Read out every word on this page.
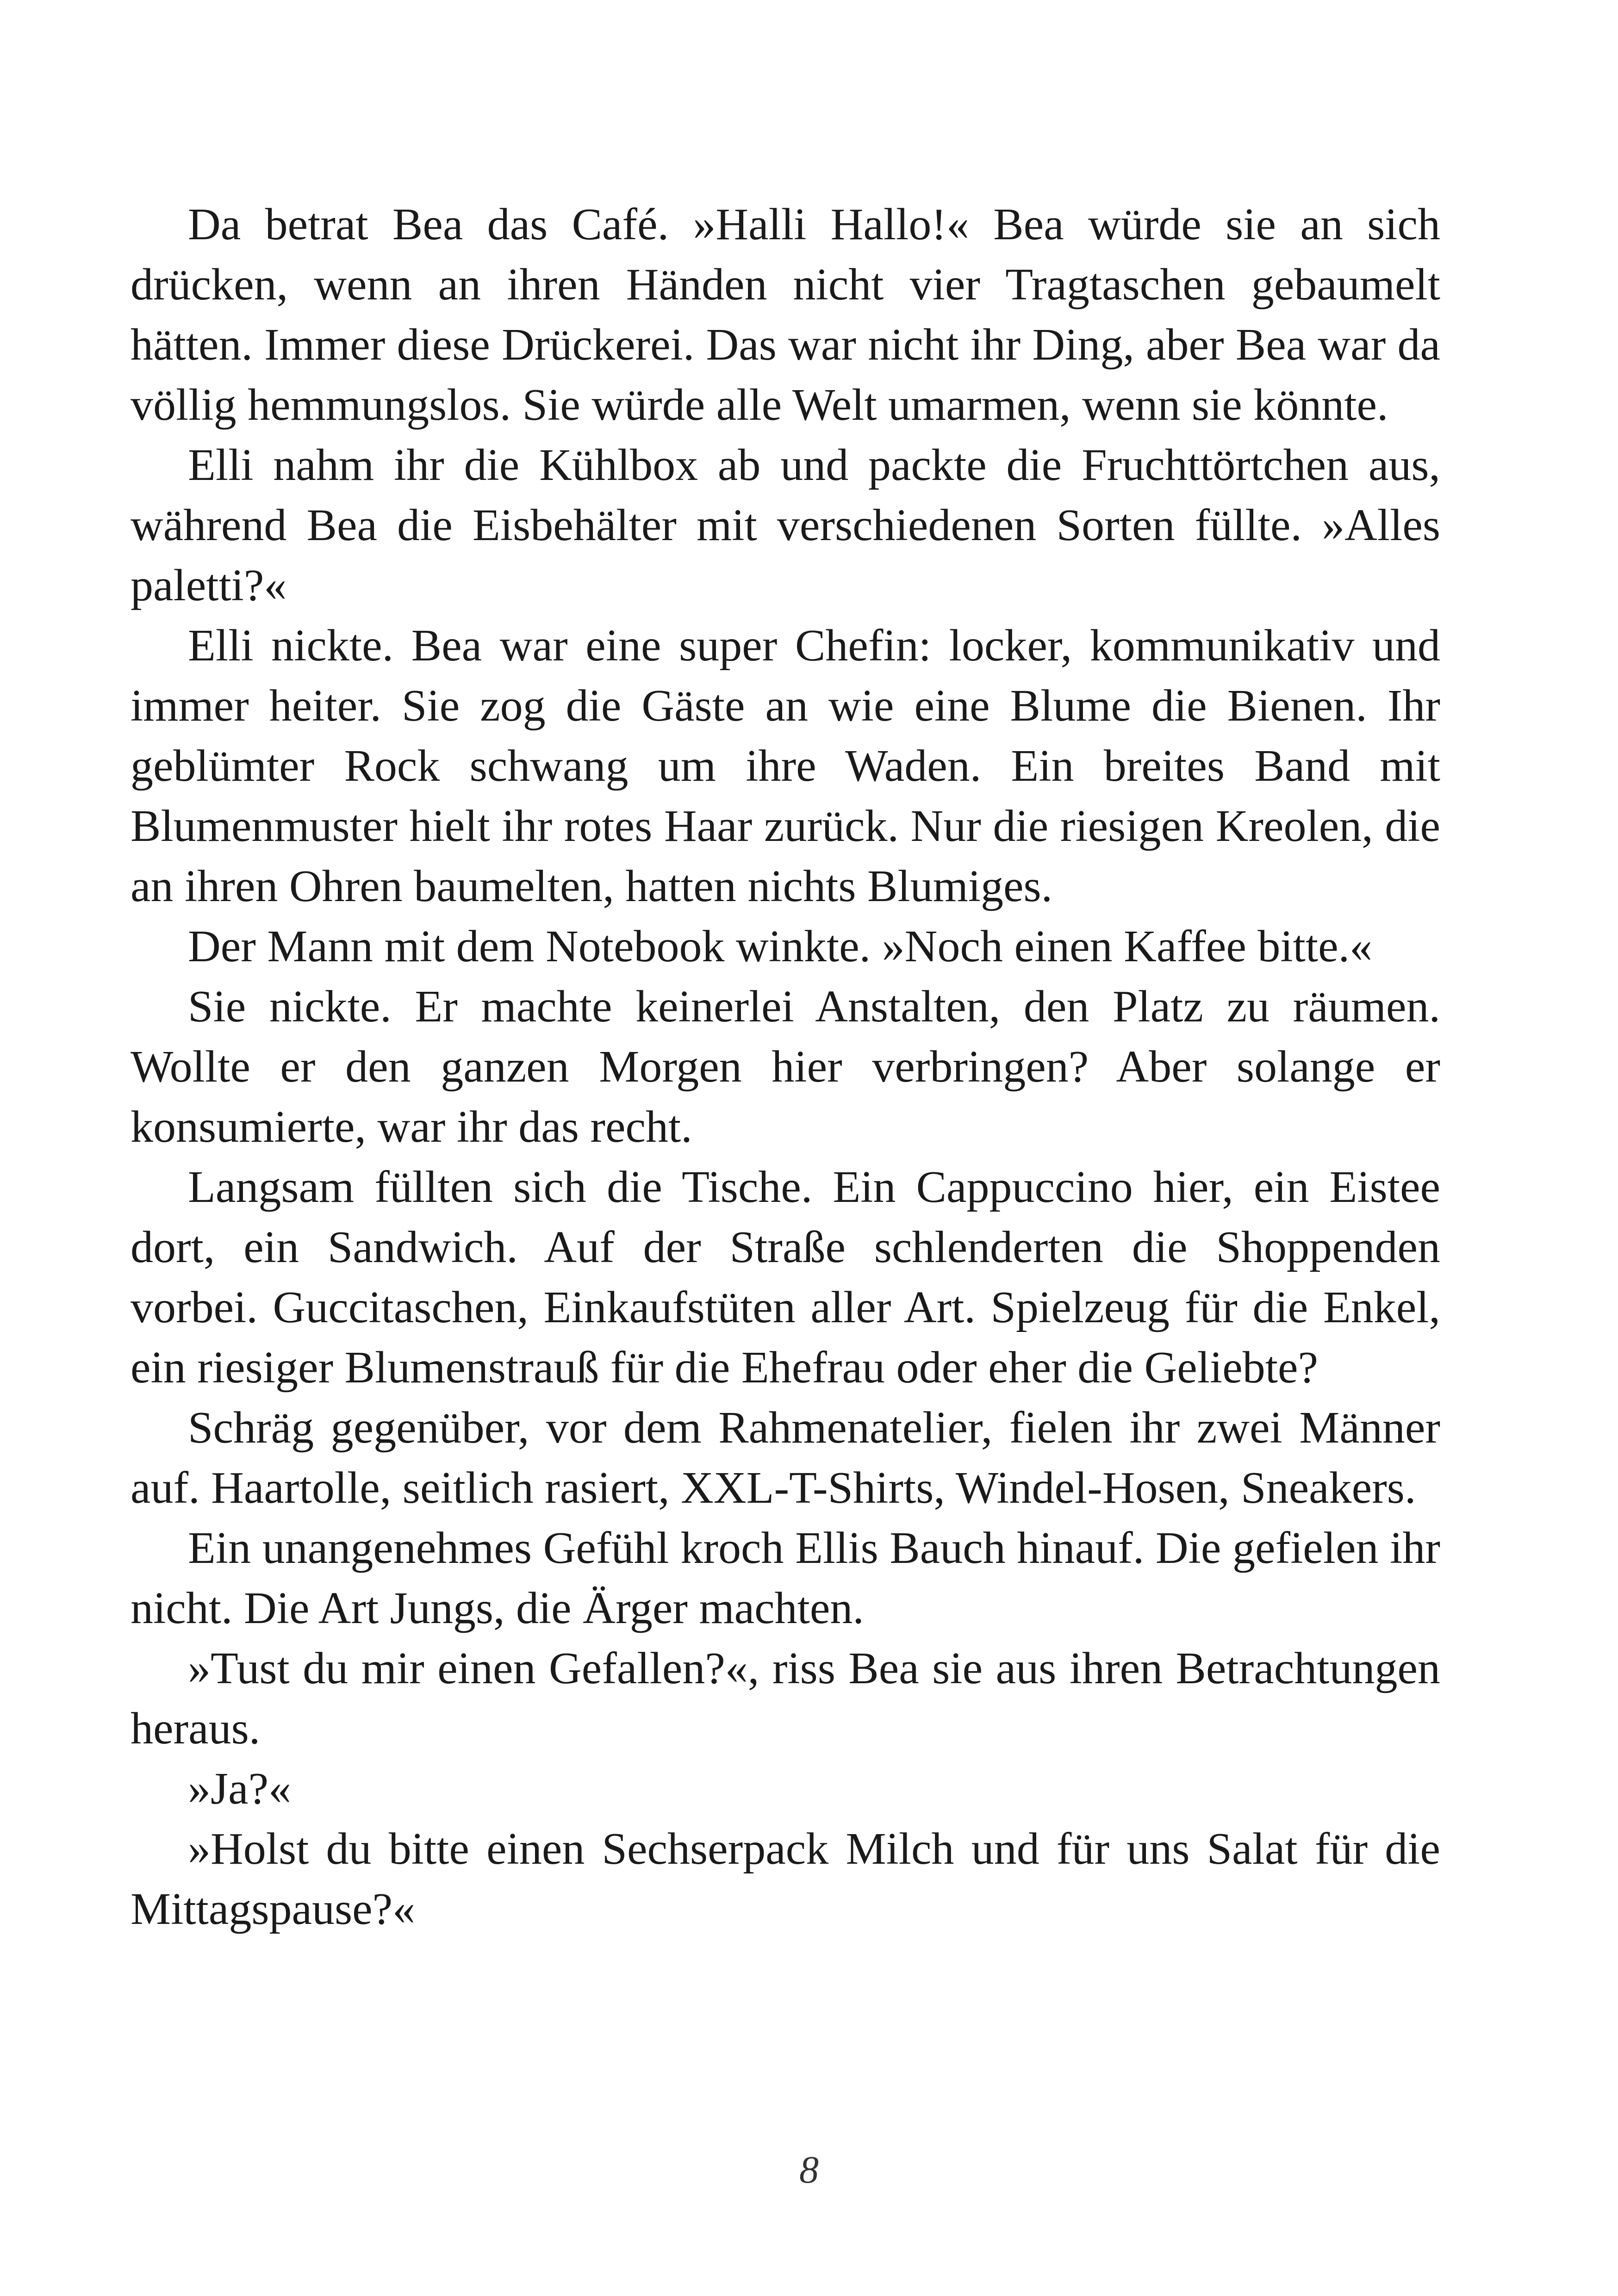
Da betrat Bea das Café. »Halli Hallo!« Bea würde sie an sich drücken, wenn an ihren Händen nicht vier Tragtaschen gebaumelt hätten. Immer diese Drückerei. Das war nicht ihr Ding, aber Bea war da völlig hemmungslos. Sie würde alle Welt umarmen, wenn sie könnte.

Elli nahm ihr die Kühlbox ab und packte die Fruchttörtchen aus, während Bea die Eisbehälter mit verschiedenen Sorten füllte. »Alles paletti?«

Elli nickte. Bea war eine super Chefin: locker, kommunikativ und immer heiter. Sie zog die Gäste an wie eine Blume die Bienen. Ihr geblümter Rock schwang um ihre Waden. Ein breites Band mit Blumenmuster hielt ihr rotes Haar zurück. Nur die riesigen Kreolen, die an ihren Ohren baumelten, hatten nichts Blumiges.

Der Mann mit dem Notebook winkte. »Noch einen Kaffee bitte.«

Sie nickte. Er machte keinerlei Anstalten, den Platz zu räumen. Wollte er den ganzen Morgen hier verbringen? Aber solange er konsumierte, war ihr das recht.

Langsam füllten sich die Tische. Ein Cappuccino hier, ein Eistee dort, ein Sandwich. Auf der Straße schlenderten die Shoppenden vorbei. Guccitaschen, Einkaufstüten aller Art. Spielzeug für die Enkel, ein riesiger Blumenstrauß für die Ehefrau oder eher die Geliebte?

Schräg gegenüber, vor dem Rahmenatelier, fielen ihr zwei Männer auf. Haartolle, seitlich rasiert, XXL-T-Shirts, Windel-Hosen, Sneakers.

Ein unangenehmes Gefühl kroch Ellis Bauch hinauf. Die gefielen ihr nicht. Die Art Jungs, die Ärger machten.

»Tust du mir einen Gefallen?«, riss Bea sie aus ihren Betrachtungen heraus.

»Ja?«

»Holst du bitte einen Sechserpack Milch und für uns Salat für die Mittagspause?«

8
